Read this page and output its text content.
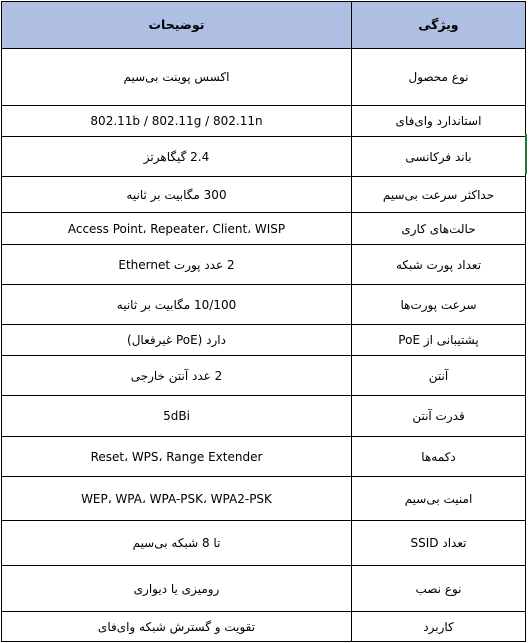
ویژگی	توضیحات
نوع محصول	اکسس پوینت بی‌سیم
استاندارد وای‌فای	802.11b / 802.11g / 802.11n
باند فرکانسی	2.4 گیگاهرتز
حداکثر سرعت بی‌سیم	300 مگابیت بر ثانیه
حالت‌های کاری	Access Point، Repeater، Client، WISP
تعداد پورت شبکه	2 عدد پورت Ethernet
سرعت پورت‌ها	10/100 مگابیت بر ثانیه
پشتیبانی از PoE	دارد (PoE غیرفعال)
آنتن	2 عدد آنتن خارجی
قدرت آنتن	5dBi
دکمه‌ها	Reset، WPS، Range Extender
امنیت بی‌سیم	WEP، WPA، WPA-PSK، WPA2-PSK
تعداد SSID	تا 8 شبکه بی‌سیم
نوع نصب	رومیزی یا دیواری
کاربرد	تقویت و گسترش شبکه وای‌فای
